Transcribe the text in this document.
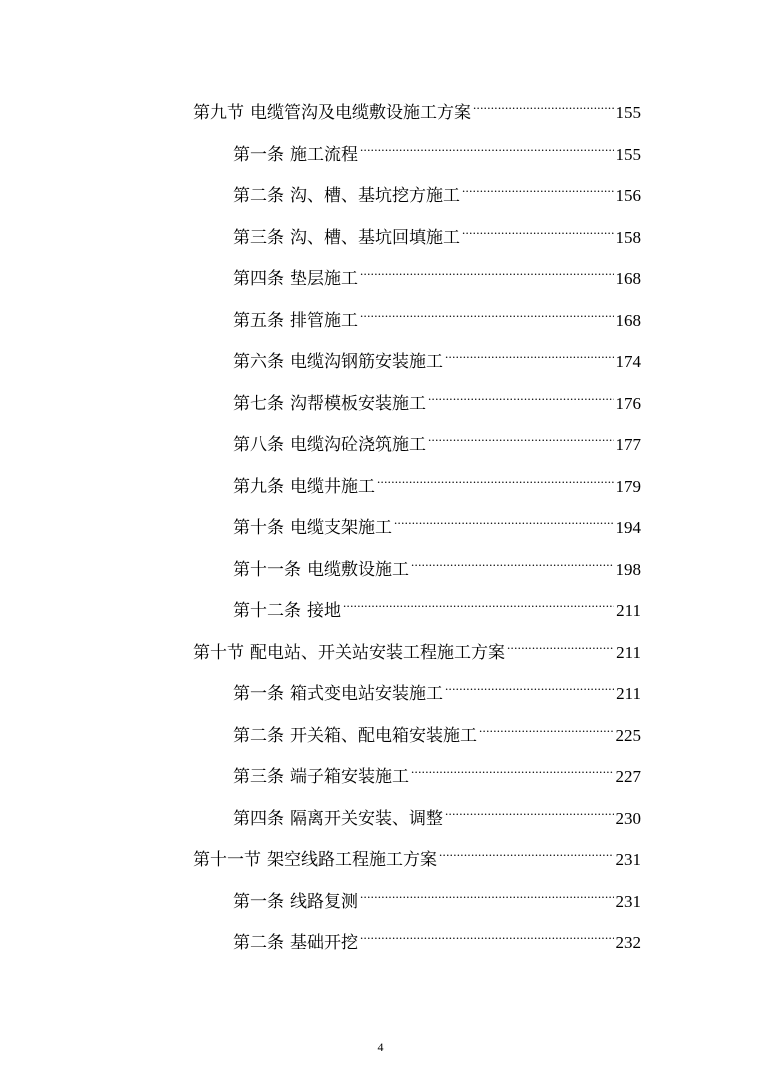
第九节 电缆管沟及电缆敷设施工方案 .....	155
第一条 施工流程 .....	155
第二条 沟、槽、基坑挖方施工 .....	156
第三条 沟、槽、基坑回填施工 .....	158
第四条 垫层施工 .....	168
第五条 排管施工 .....	168
第六条 电缆沟钢筋安装施工 .....	174
第七条 沟帮模板安装施工 .....	176
第八条 电缆沟砼浇筑施工 .....	177
第九条 电缆井施工 .....	179
第十条 电缆支架施工 .....	194
第十一条 电缆敷设施工 .....	198
第十二条 接地 .....	211
第十节 配电站、开关站安装工程施工方案 .....	211
第一条 箱式变电站安装施工 .....	211
第二条 开关箱、配电箱安装施工 .....	225
第三条 端子箱安装施工 .....	227
第四条 隔离开关安装、调整 .....	230
第十一节 架空线路工程施工方案 .....	231
第一条 线路复测 .....	231
第二条 基础开挖 .....	232
4
